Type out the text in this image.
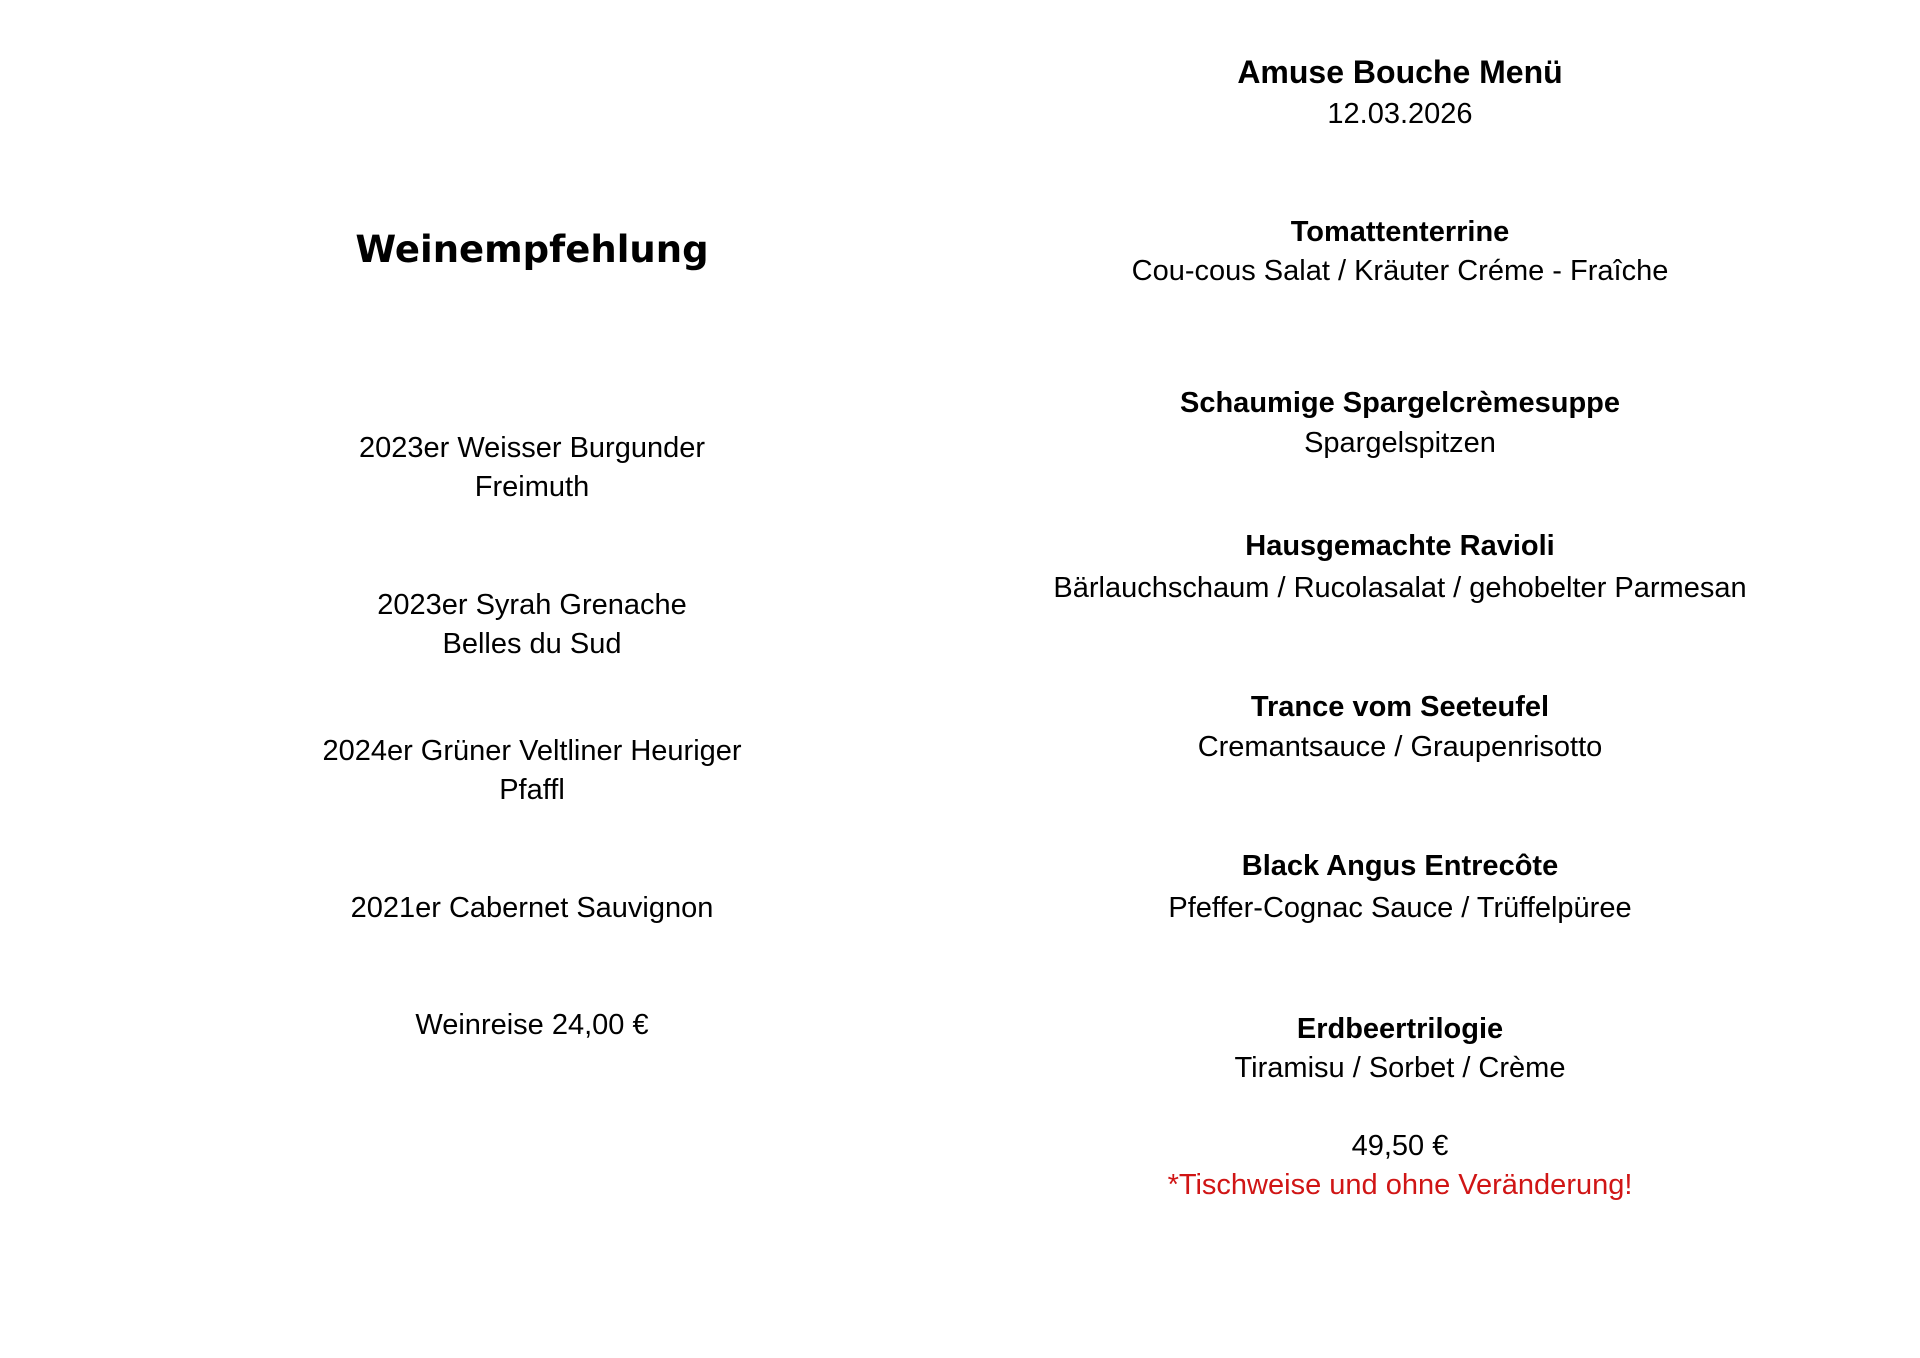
Weinempfehlung
2023er Weisser Burgunder
Freimuth
2023er Syrah Grenache
Belles du Sud
2024er Grüner Veltliner Heuriger
Pfaffl
2021er Cabernet Sauvignon
Weinreise 24,00 €
Amuse Bouche Menü
12.03.2026
Tomattenterrine
Cou-cous Salat / Kräuter Créme - Fraîche
Schaumige Spargelcrèmesuppe
Spargelspitzen
Hausgemachte Ravioli
Bärlauchschaum / Rucolasalat / gehobelter Parmesan
Trance vom Seeteufel
Cremantsauce / Graupenrisotto
Black Angus Entrecôte
Pfeffer-Cognac Sauce / Trüffelpüree
Erdbeertrilogie
Tiramisu / Sorbet / Crème
49,50 €
*Tischweise und ohne Veränderung!
